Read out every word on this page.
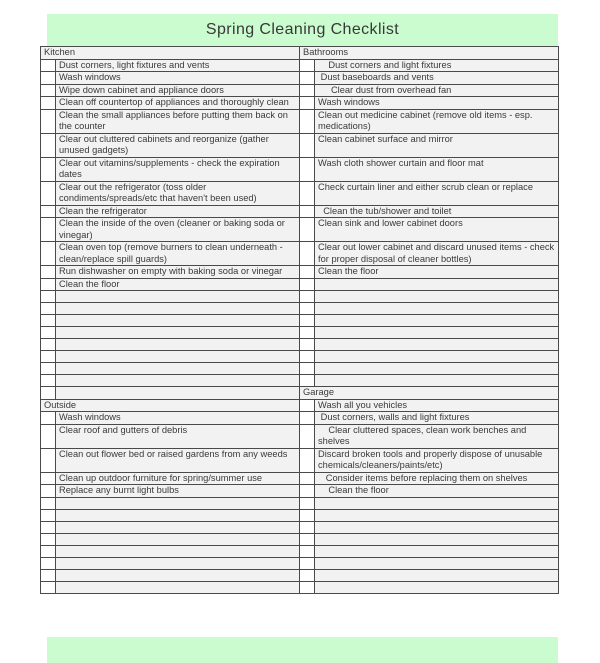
Spring Cleaning Checklist
Kitchen		Bathrooms	
	Dust corners, light fixtures and vents		Dust corners and light fixtures
	Wash windows		Dust baseboards and vents
	Wipe down cabinet and appliance doors		Clear dust from overhead fan
	Clean off countertop of appliances and thoroughly clean		Wash windows
	Clean the small appliances before putting them back on the counter		Clean out medicine cabinet (remove old items - esp. medications)
	Clear out cluttered cabinets and reorganize (gather unused gadgets)		Clean cabinet surface and mirror
	Clear out vitamins/supplements - check the expiration dates		Wash cloth shower curtain and floor mat
	Clear out the refrigerator (toss older condiments/spreads/etc that haven't been used)		Check curtain liner and either scrub clean or replace
	Clean the refrigerator		Clean the tub/shower and toilet
	Clean the inside of the oven (cleaner or baking soda or vinegar)		Clean sink and lower cabinet doors
	Clean oven top (remove burners to clean underneath - clean/replace spill guards)		Clear out lower cabinet and discard unused items - check for proper disposal of cleaner bottles)
	Run dishwasher on empty with baking soda or vinegar		Clean the floor
	Clean the floor		

		Garage	
Outside			Wash all you vehicles
	Wash windows		Dust corners, walls and light fixtures
	Clear roof and gutters of debris		Clear cluttered spaces, clean work benches and shelves
	Clean out flower bed or raised gardens from any weeds		Discard broken tools and properly dispose of unusable chemicals/cleaners/paints/etc)
	Clean up outdoor furniture for spring/summer use		Consider items before replacing them on shelves
	Replace any burnt light bulbs		Clean the floor
